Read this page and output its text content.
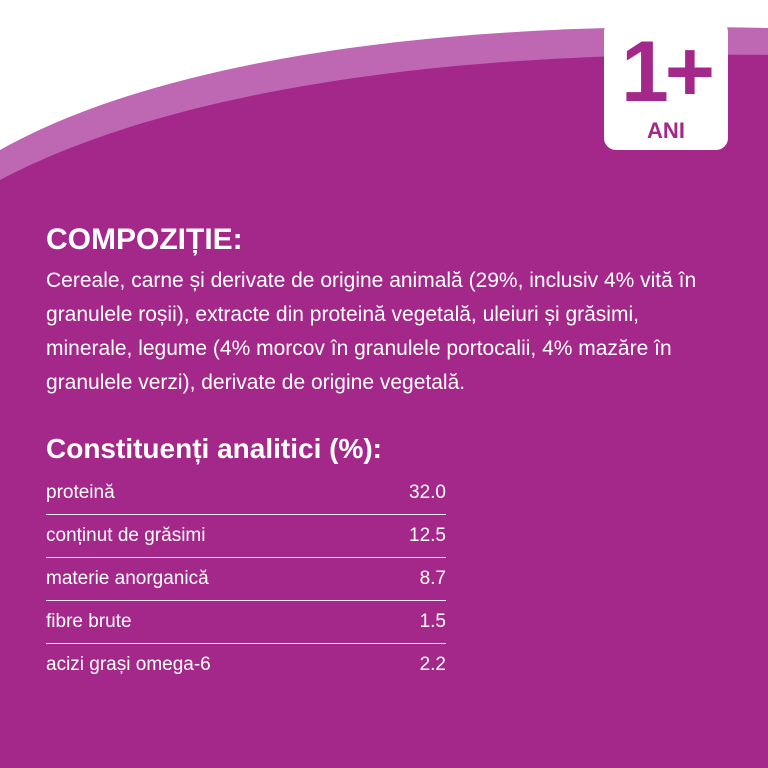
1+
ANI
COMPOZIȚIE:

Cereale, carne și derivate de origine animală (29%, inclusiv 4% vită în granulele roșii), extracte din proteină vegetală, uleiuri și grăsimi, minerale, legume (4% morcov în granulele portocalii, 4% mazăre în granulele verzi), derivate de origine vegetală.

Constituenți analitici (%):
proteină	32.0
conținut de grăsimi	12.5
materie anorganică	8.7
fibre brute	1.5
acizi grași omega-6	2.2
